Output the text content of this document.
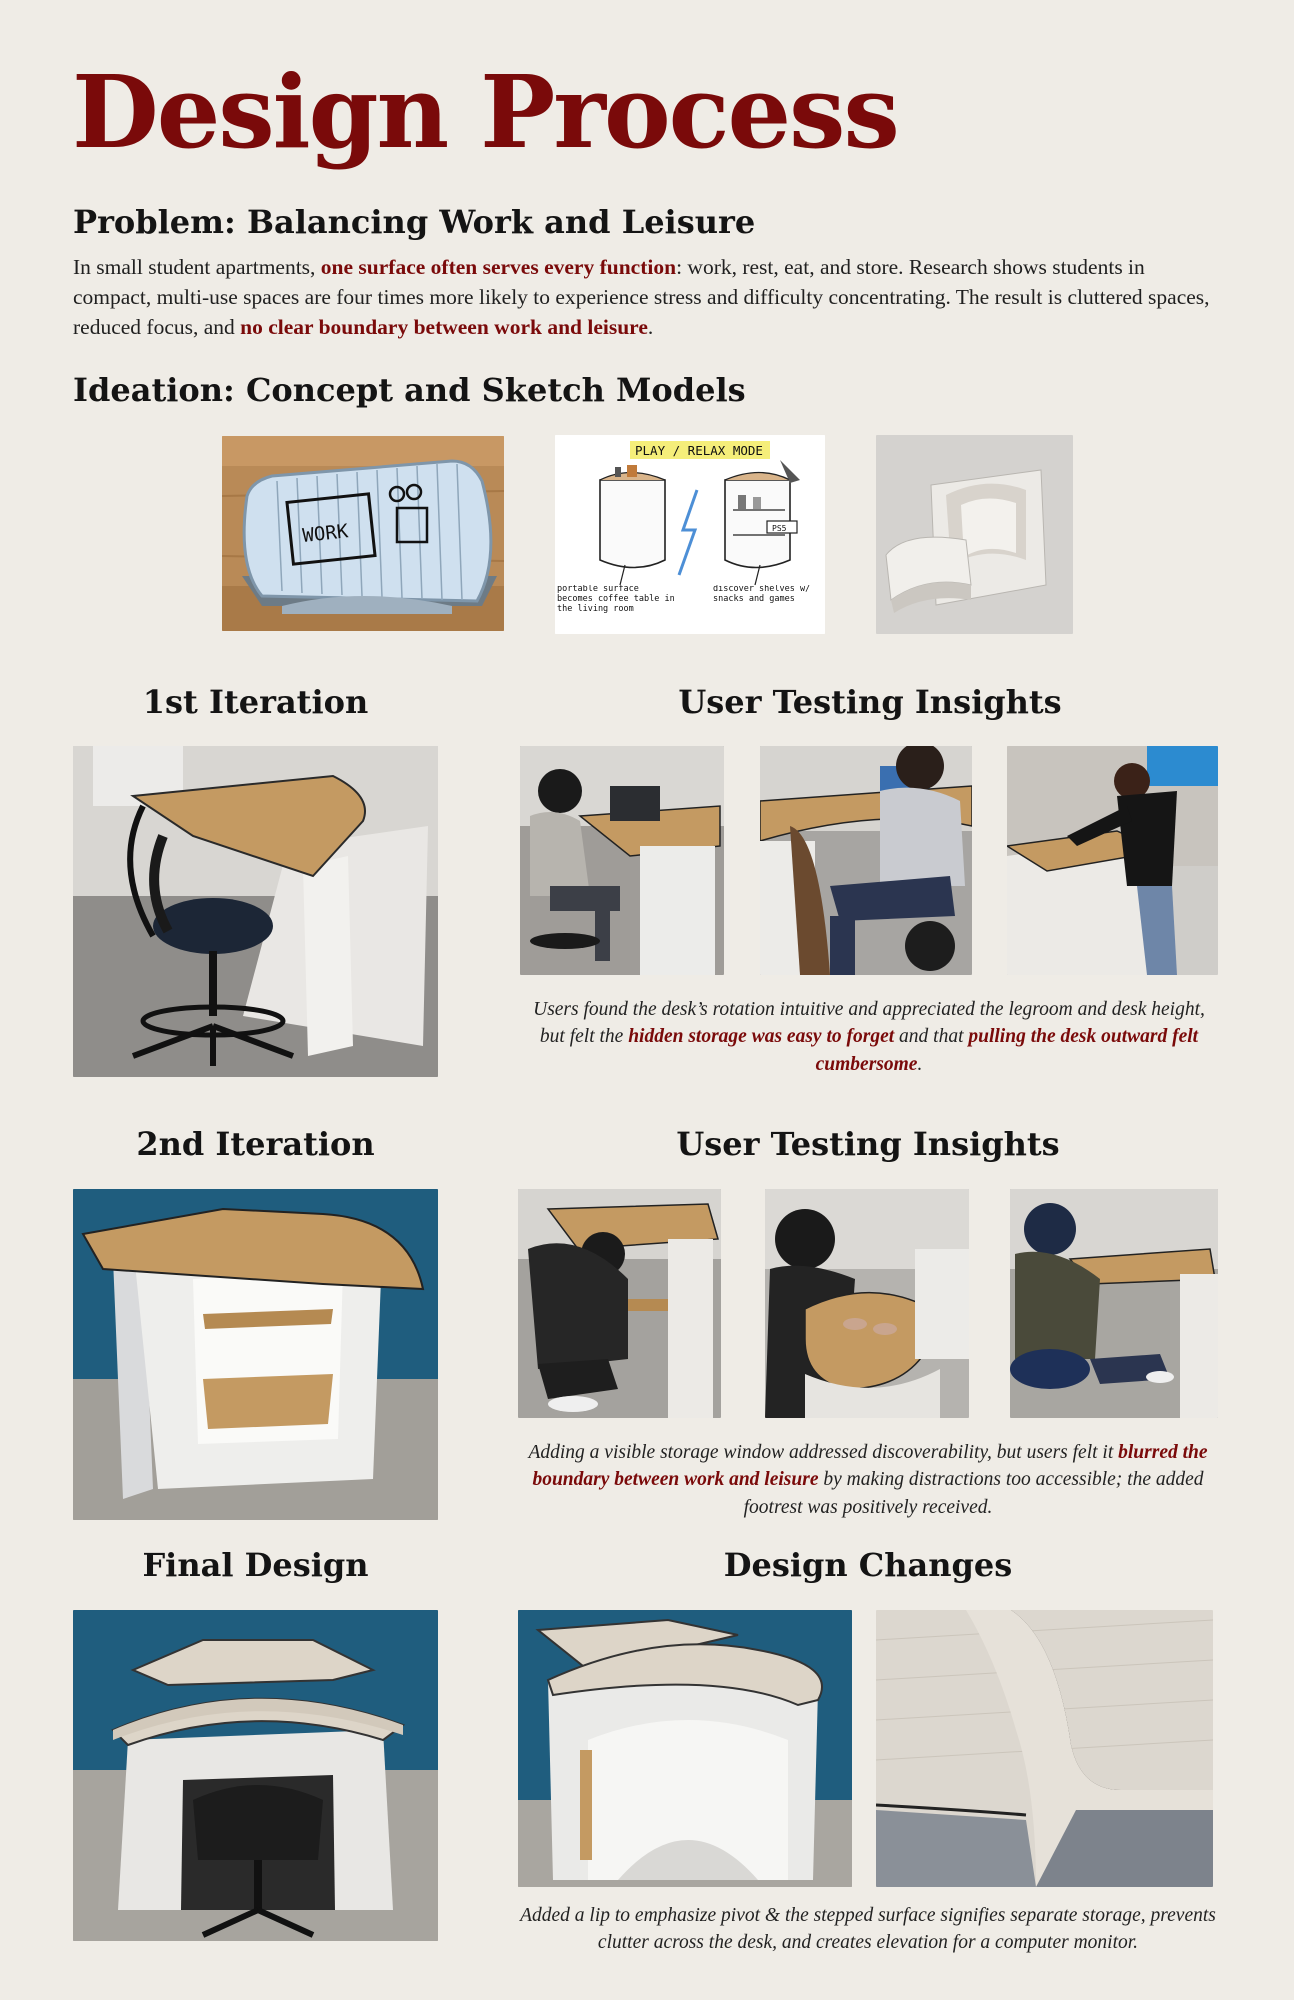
Design Process
Problem: Balancing Work and Leisure

In small student apartments, one surface often serves every function: work, rest, eat, and store. Research shows students in compact, multi-use spaces are four times more likely to experience stress and difficulty concentrating. The result is cluttered spaces, reduced focus, and no clear boundary between work and leisure.

Ideation: Concept and Sketch Models
WORK
PLAY / RELAX MODE
PS5
portable surface becomes coffee table in the living room
discover shelves w/ snacks and games
1st Iteration	User Testing Insights

Users found the desk’s rotation intuitive and appreciated the legroom and desk height, but felt the hidden storage was easy to forget and that pulling the desk outward felt cumbersome.

2nd Iteration	User Testing Insights

Adding a visible storage window addressed discoverability, but users felt it blurred the boundary between work and leisure by making distractions too accessible; the added footrest was positively received.

Final Design	Design Changes

Added a lip to emphasize pivot & the stepped surface signifies separate storage, prevents clutter across the desk, and creates elevation for a computer monitor.
